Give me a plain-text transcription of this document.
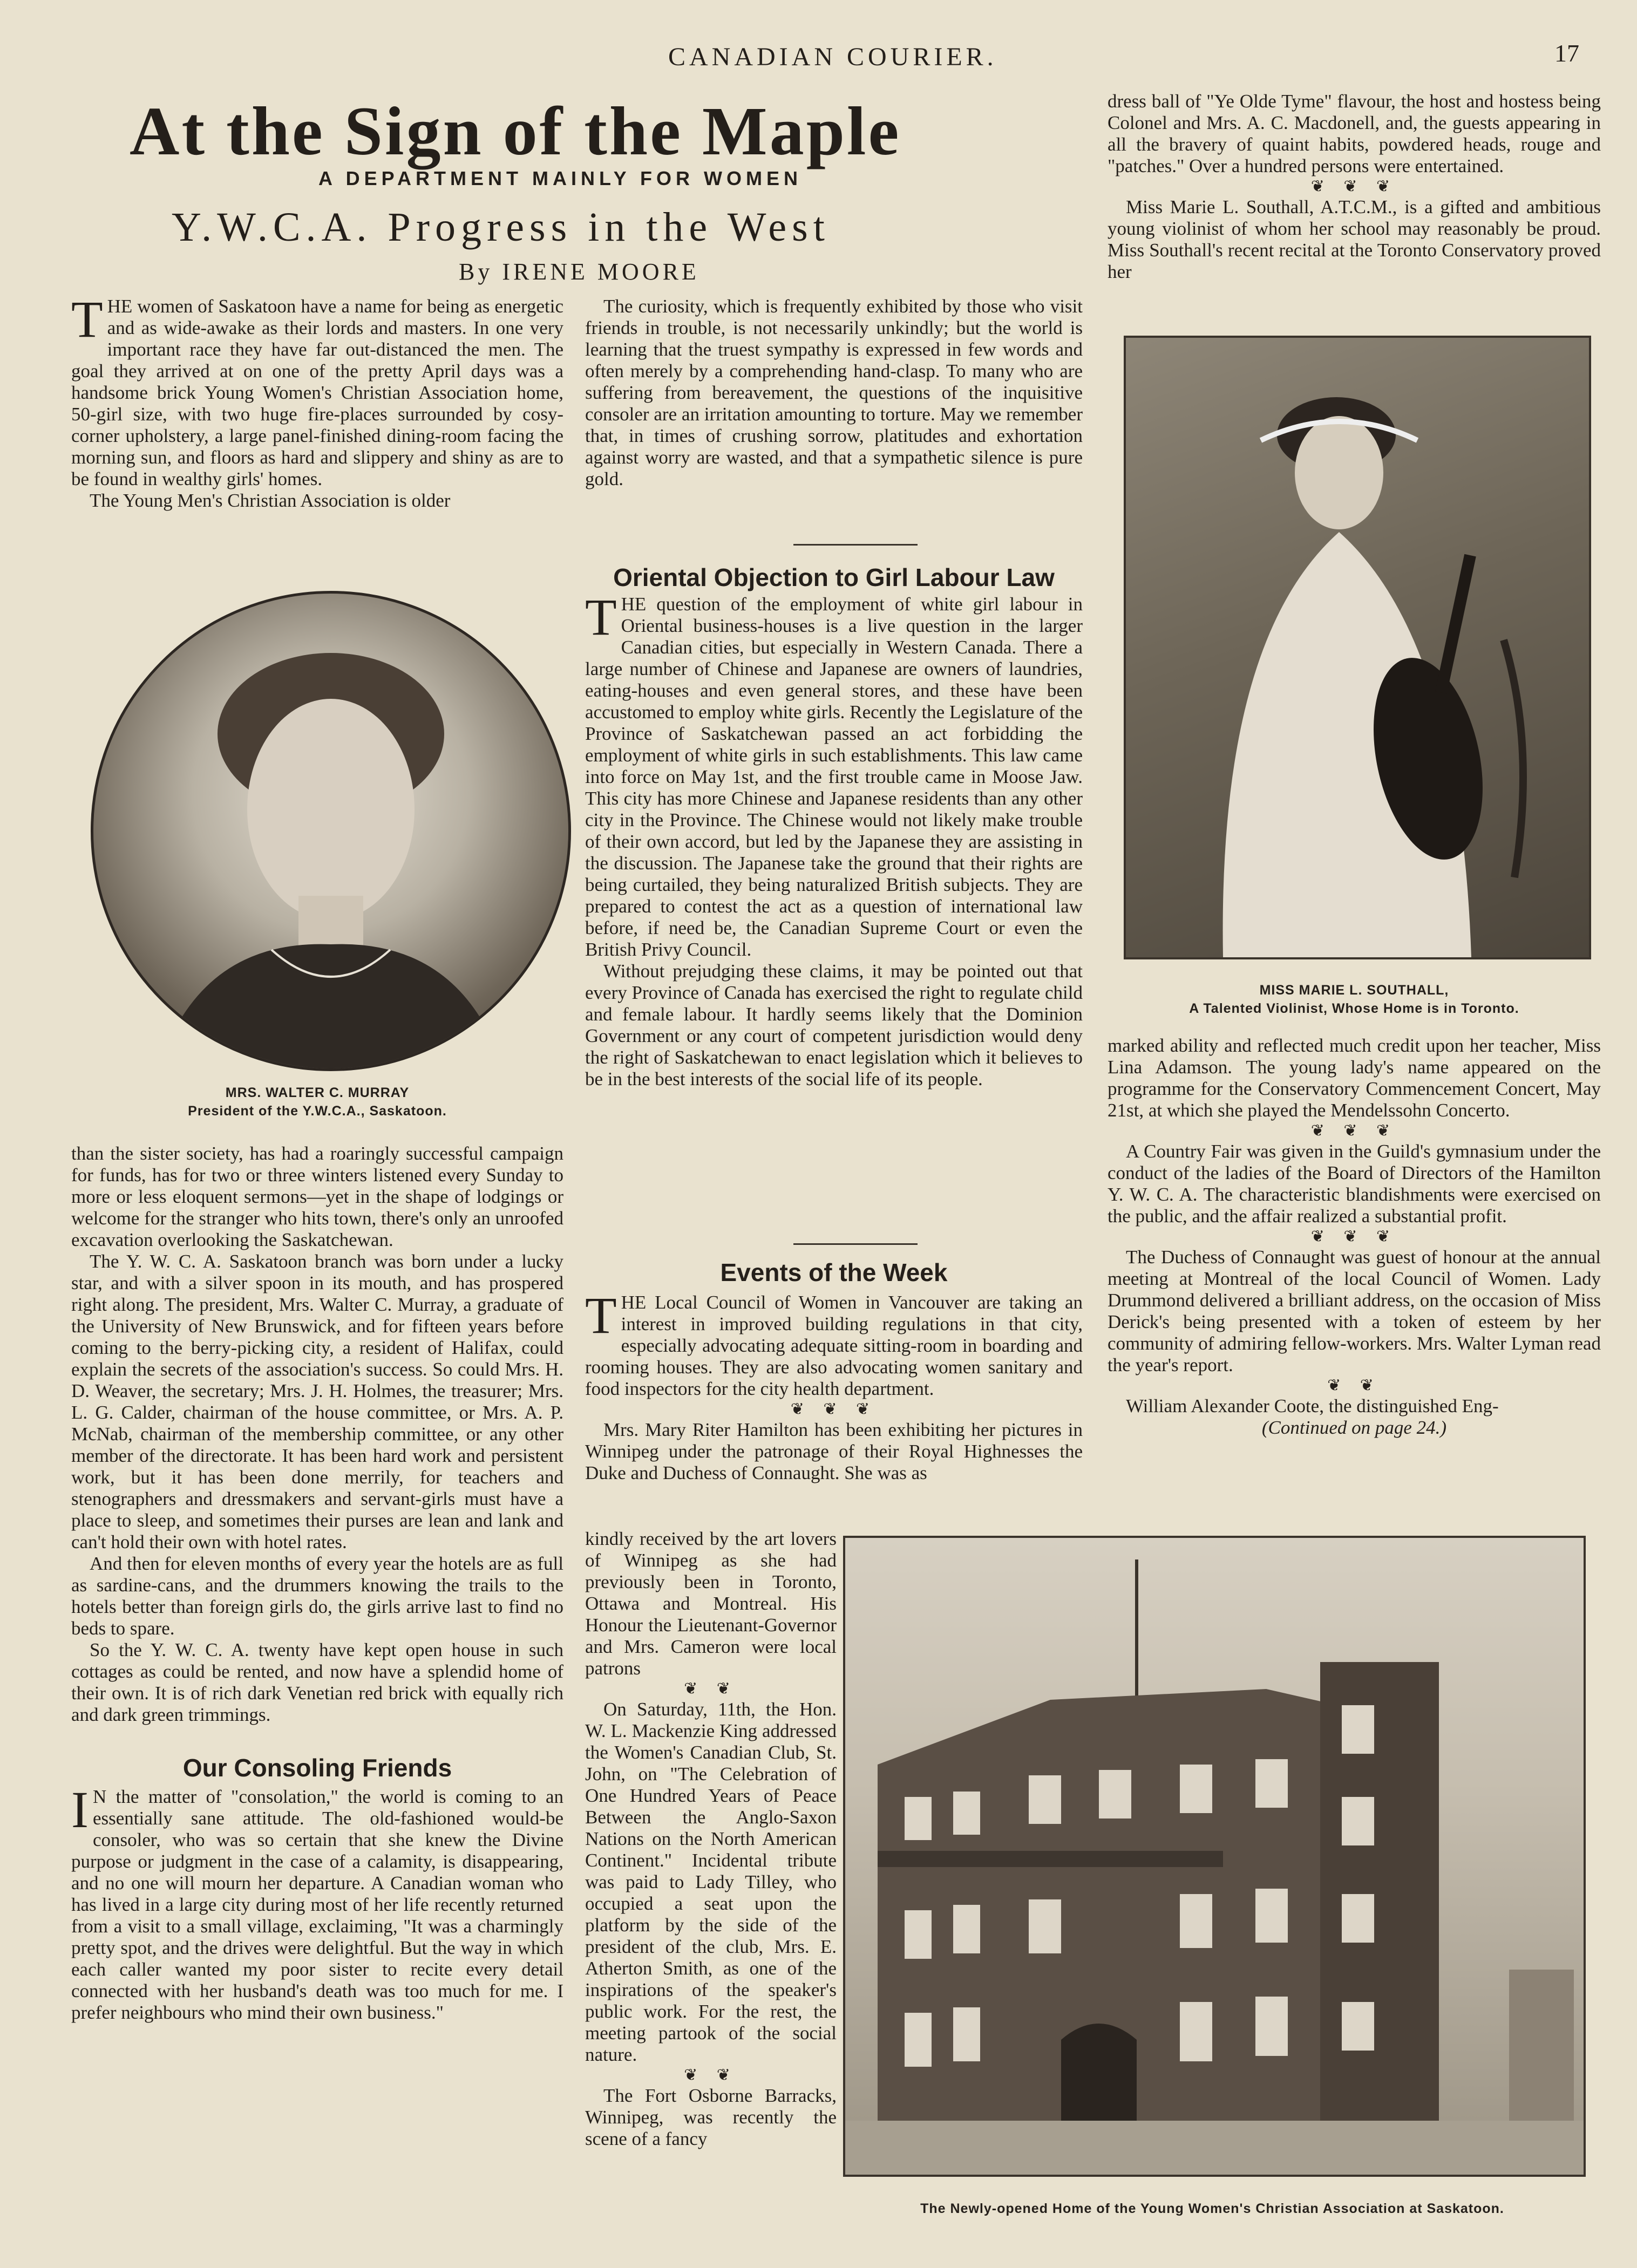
CANADIAN COURIER.	17
At the Sign of the Maple
A DEPARTMENT MAINLY FOR WOMEN
Y.W.C.A. Progress in the West
By IRENE MOORE

THE women of Saskatoon have a name for being as energetic and as wide-awake as their lords and masters. In one very important race they have far out-distanced the men. The goal they arrived at on one of the pretty April days was a handsome brick Young Women's Christian Association home, 50-girl size, with two huge fire-places surrounded by cosy-corner upholstery, a large panel-finished dining-room facing the morning sun, and floors as hard and slippery and shiny as are to be found in wealthy girls' homes.

The Young Men's Christian Association is older

MRS. WALTER C. MURRAY
President of the Y.W.C.A., Saskatoon.

than the sister society, has had a roaringly successful campaign for funds, has for two or three winters listened every Sunday to more or less eloquent sermons—yet in the shape of lodgings or welcome for the stranger who hits town, there's only an unroofed excavation overlooking the Saskatchewan.

The Y. W. C. A. Saskatoon branch was born under a lucky star, and with a silver spoon in its mouth, and has prospered right along. The president, Mrs. Walter C. Murray, a graduate of the University of New Brunswick, and for fifteen years before coming to the berry-picking city, a resident of Halifax, could explain the secrets of the association's success. So could Mrs. H. D. Weaver, the secretary; Mrs. J. H. Holmes, the treasurer; Mrs. L. G. Calder, chairman of the house committee, or Mrs. A. P. McNab, chairman of the membership committee, or any other member of the directorate. It has been hard work and persistent work, but it has been done merrily, for teachers and stenographers and dressmakers and servant-girls must have a place to sleep, and sometimes their purses are lean and lank and can't hold their own with hotel rates.

And then for eleven months of every year the hotels are as full as sardine-cans, and the drummers knowing the trails to the hotels better than foreign girls do, the girls arrive last to find no beds to spare.

So the Y. W. C. A. twenty have kept open house in such cottages as could be rented, and now have a splendid home of their own. It is of rich dark Venetian red brick with equally rich and dark green trimmings.

Our Consoling Friends

I N the matter of "consolation," the world is coming to an essentially sane attitude. The old-fashioned would-be consoler, who was so certain that she knew the Divine purpose or judgment in the case of a calamity, is disappearing, and no one will mourn her departure. A Canadian woman who has lived in a large city during most of her life recently returned from a visit to a small village, exclaiming, "It was a charmingly pretty spot, and the drives were delightful. But the way in which each caller wanted my poor sister to recite every detail connected with her husband's death was too much for me. I prefer neighbours who mind their own business."

The curiosity, which is frequently exhibited by those who visit friends in trouble, is not necessarily unkindly; but the world is learning that the truest sympathy is expressed in few words and often merely by a comprehending hand-clasp. To many who are suffering from bereavement, the questions of the inquisitive consoler are an irritation amounting to torture. May we remember that, in times of crushing sorrow, platitudes and exhortation against worry are wasted, and that a sympathetic silence is pure gold.

Oriental Objection to Girl Labour Law

THE question of the employment of white girl labour in Oriental business-houses is a live question in the larger Canadian cities, but especially in Western Canada. There a large number of Chinese and Japanese are owners of laundries, eating-houses and even general stores, and these have been accustomed to employ white girls. Recently the Legislature of the Province of Saskatchewan passed an act forbidding the employment of white girls in such establishments. This law came into force on May 1st, and the first trouble came in Moose Jaw. This city has more Chinese and Japanese residents than any other city in the Province. The Chinese would not likely make trouble of their own accord, but led by the Japanese they are assisting in the discussion. The Japanese take the ground that their rights are being curtailed, they being naturalized British subjects. They are prepared to contest the act as a question of international law before, if need be, the Canadian Supreme Court or even the British Privy Council.

Without prejudging these claims, it may be pointed out that every Province of Canada has exercised the right to regulate child and female labour. It hardly seems likely that the Dominion Government or any court of competent jurisdiction would deny the right of Saskatchewan to enact legislation which it believes to be in the best interests of the social life of its people.

Events of the Week

THE Local Council of Women in Vancouver are taking an interest in improved building regulations in that city, especially advocating adequate sitting-room in boarding and rooming houses. They are also advocating women sanitary and food inspectors for the city health department.

❦ ❦ ❦

Mrs. Mary Riter Hamilton has been exhibiting her pictures in Winnipeg under the patronage of their Royal Highnesses the Duke and Duchess of Connaught. She was as

kindly received by the art lovers of Winnipeg as she had previously been in Toronto, Ottawa and Montreal. His Honour the Lieutenant-Governor and Mrs. Cameron were local patrons

❦ ❦

On Saturday, 11th, the Hon. W. L. Mackenzie King addressed the Women's Canadian Club, St. John, on "The Celebration of One Hundred Years of Peace Between the Anglo-Saxon Nations on the North American Continent." Incidental tribute was paid to Lady Tilley, who occupied a seat upon the platform by the side of the president of the club, Mrs. E. Atherton Smith, as one of the inspirations of the speaker's public work. For the rest, the meeting partook of the social nature.

❦ ❦

The Fort Osborne Barracks, Winnipeg, was recently the scene of a fancy

dress ball of "Ye Olde Tyme" flavour, the host and hostess being Colonel and Mrs. A. C. Macdonell, and, the guests appearing in all the bravery of quaint habits, powdered heads, rouge and "patches." Over a hundred persons were entertained.

❦ ❦ ❦

Miss Marie L. Southall, A.T.C.M., is a gifted and ambitious young violinist of whom her school may reasonably be proud. Miss Southall's recent recital at the Toronto Conservatory proved her

MISS MARIE L. SOUTHALL,
A Talented Violinist, Whose Home is in Toronto.

marked ability and reflected much credit upon her teacher, Miss Lina Adamson. The young lady's name appeared on the programme for the Conservatory Commencement Concert, May 21st, at which she played the Mendelssohn Concerto.

❦ ❦ ❦

A Country Fair was given in the Guild's gymnasium under the conduct of the ladies of the Board of Directors of the Hamilton Y. W. C. A. The characteristic blandishments were exercised on the public, and the affair realized a substantial profit.

❦ ❦ ❦

The Duchess of Connaught was guest of honour at the annual meeting at Montreal of the local Council of Women. Lady Drummond delivered a brilliant address, on the occasion of Miss Derick's being presented with a token of esteem by her community of admiring fellow-workers. Mrs. Walter Lyman read the year's report.

❦ ❦

William Alexander Coote, the distinguished Eng-

(Continued on page 24.)
The Newly-opened Home of the Young Women's Christian Association at Saskatoon.
